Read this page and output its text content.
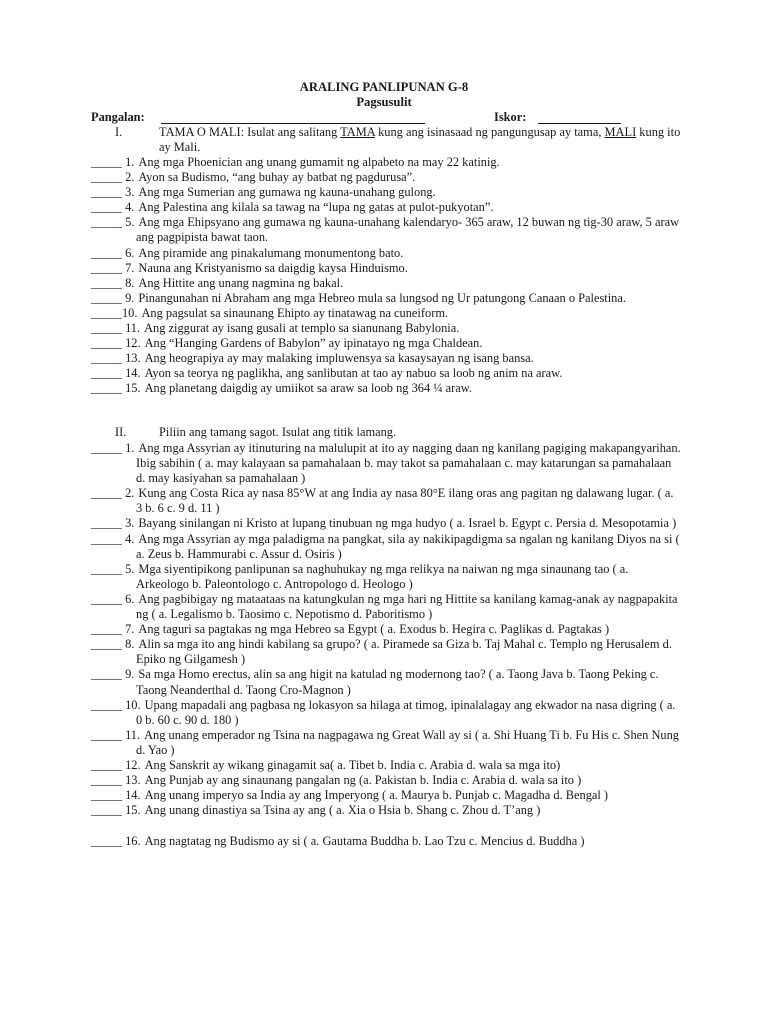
ARALING PANLIPUNAN G-8
Pagsusulit
Pangalan:	Iskor:
I.	TAMA O MALI: Isulat ang salitang TAMA kung ang isinasaad ng pangungusap ay tama, MALI kung ito ay Mali.
_____ 1. Ang mga Phoenician ang unang gumamit ng alpabeto na may 22 katinig.
_____ 2. Ayon sa Budismo, “ang buhay ay batbat ng pagdurusa”.
_____ 3. Ang mga Sumerian ang gumawa ng kauna-unahang gulong.
_____ 4. Ang Palestina ang kilala sa tawag na “lupa ng gatas at pulot-pukyotan”.
_____ 5. Ang mga Ehipsyano ang gumawa ng kauna-unahang kalendaryo- 365 araw, 12 buwan ng tig-30 araw, 5 araw ang pagpipista bawat taon.
_____ 6. Ang piramide ang pinakalumang monumentong bato.
_____ 7. Nauna ang Kristyanismo sa daigdig kaysa Hinduismo.
_____ 8. Ang Hittite ang unang nagmina ng bakal.
_____ 9. Pinangunahan ni Abraham ang mga Hebreo mula sa lungsod ng Ur patungong Canaan o Palestina.
_____10. Ang pagsulat sa sinaunang Ehipto ay tinatawag na cuneiform.
_____ 11. Ang ziggurat ay isang gusali at templo sa sianunang Babylonia.
_____ 12. Ang “Hanging Gardens of Babylon” ay ipinatayo ng mga Chaldean.
_____ 13. Ang heograpiya ay may malaking impluwensya sa kasaysayan ng isang bansa.
_____ 14. Ayon sa teorya ng paglikha, ang sanlibutan at tao ay nabuo sa loob ng anim na araw.
_____ 15. Ang planetang daigdig ay umiikot sa araw sa loob ng 364 ¼ araw.
II.	Piliin ang tamang sagot. Isulat ang titik lamang.
_____ 1. Ang mga Assyrian ay itinuturing na malulupit at ito ay nagging daan ng kanilang pagiging makapangyarihan. Ibig sabihin ( a. may kalayaan sa pamahalaan b. may takot sa pamahalaan c. may katarungan sa pamahalaan d. may kasiyahan sa pamahalaan )
_____ 2. Kung ang Costa Rica ay nasa 85°W at ang India ay nasa 80°E ilang oras ang pagitan ng dalawang lugar. ( a. 3 b. 6 c. 9 d. 11 )
_____ 3. Bayang sinilangan ni Kristo at lupang tinubuan ng mga hudyo ( a. Israel b. Egypt c. Persia d. Mesopotamia )
_____ 4. Ang mga Assyrian ay mga paladigma na pangkat, sila ay nakikipagdigma sa ngalan ng kanilang Diyos na si ( a. Zeus b. Hammurabi c. Assur d. Osiris )
_____ 5. Mga siyentipikong panlipunan sa naghuhukay ng mga relikya na naiwan ng mga sinaunang tao ( a. Arkeologo b. Paleontologo c. Antropologo d. Heologo )
_____ 6. Ang pagbibigay ng mataataas na katungkulan ng mga hari ng Hittite sa kanilang kamag-anak ay nagpapakita ng ( a. Legalismo b. Taosimo c. Nepotismo d. Paboritismo )
_____ 7. Ang taguri sa pagtakas ng mga Hebreo sa Egypt ( a. Exodus b. Hegira c. Paglikas d. Pagtakas )
_____ 8. Alin sa mga ito ang hindi kabilang sa grupo? ( a. Piramede sa Giza b. Taj Mahal c. Templo ng Herusalem d. Epiko ng Gilgamesh )
_____ 9. Sa mga Homo erectus, alin sa ang higit na katulad ng modernong tao? ( a. Taong Java b. Taong Peking c. Taong Neanderthal d. Taong Cro-Magnon )
_____ 10. Upang mapadali ang pagbasa ng lokasyon sa hilaga at timog, ipinalalagay ang ekwador na nasa digring ( a. 0 b. 60 c. 90 d. 180 )
_____ 11. Ang unang emperador ng Tsina na nagpagawa ng Great Wall ay si ( a. Shi Huang Ti b. Fu His c. Shen Nung d. Yao )
_____ 12. Ang Sanskrit ay wikang ginagamit sa( a. Tibet b. India c. Arabia d. wala sa mga ito)
_____ 13. Ang Punjab ay ang sinaunang pangalan ng (a. Pakistan b. India c. Arabia d. wala sa ito )
_____ 14. Ang unang imperyo sa India ay ang Imperyong ( a. Maurya b. Punjab c. Magadha d. Bengal )
_____ 15. Ang unang dinastiya sa Tsina ay ang ( a. Xia o Hsia b. Shang c. Zhou d. T’ang )
_____ 16. Ang nagtatag ng Budismo ay si ( a. Gautama Buddha b. Lao Tzu c. Mencius d. Buddha )
